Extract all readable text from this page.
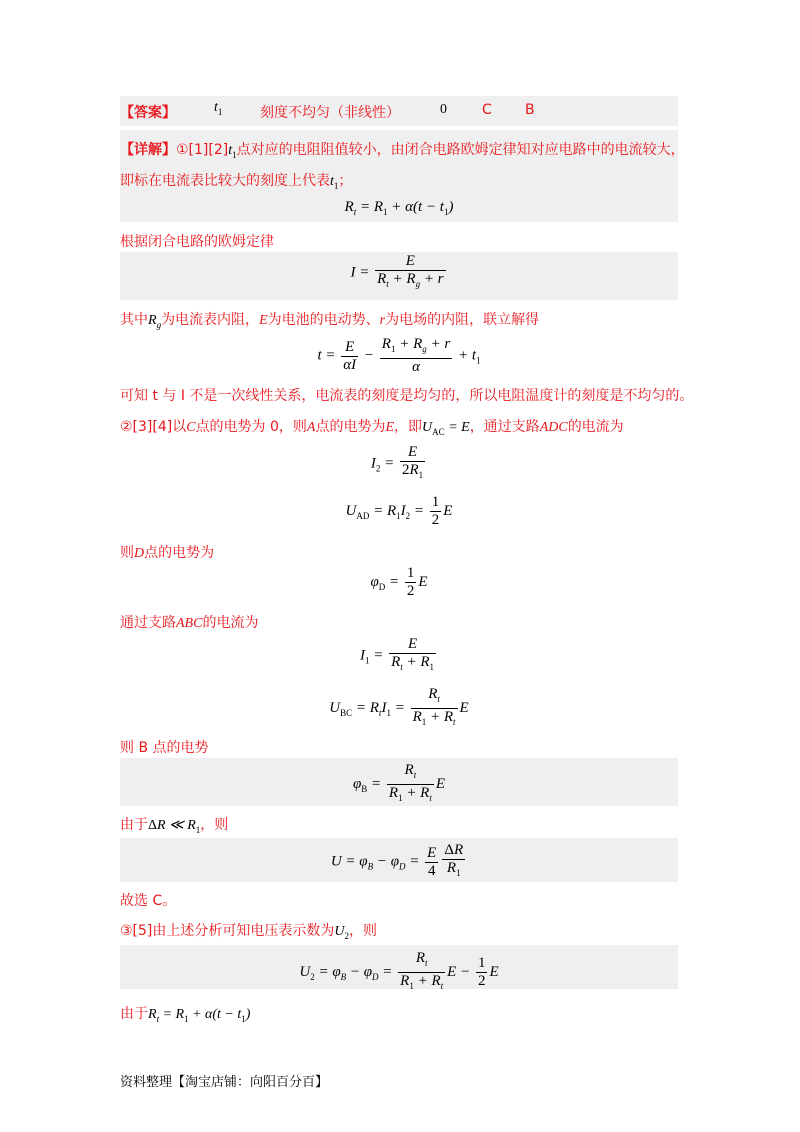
【答案】	$t_1$	刻度不均匀（非线性）	0	C B
【详解】$①[1][2]t_1$点对应的电阻阻值较小，由闭合电路欧姆定律知对应电路中的电流较大，
即标在电流表比较大的刻度上代表$t_1$；
$R_t = R_1 + \alpha(t - t_1)$
根据闭合电路的欧姆定律
$I = \frac{E}{R_t + R_g + r}$
其中$R_g$为电流表内阻，E为电池的电动势、r为电场的内阻，联立解得
$t = \frac{E}{\alpha I} - \frac{R_1 + R_g + r}{\alpha} + t_1$
可知 t 与 I 不是一次线性关系，电流表的刻度是均匀的，所以电阻温度计的刻度是不均匀的。
②[3][4]以C点的电势为 0，则A点的电势为E，即$U_{AC} = E$，通过支路ADC的电流为
$I_2 = \frac{E}{2R_1}$
$U_{AD} = R_1I_2 = \frac{1}{2}$ E
则D点的电势为
$\varphi_D = \frac{1}{2}$ E
通过支路ABC的电流为
$I_1 = \frac{E}{R_t + R_1}$
$U_{BC} = R_tI_1 = \frac{R_t}{R_1 + R_t}$ E
则 B 点的电势
$\varphi_B = \frac{R_t}{R_1 + R_t}$ E
由于ΔR ≪ $R_1$，则
$U = \varphi_B - \varphi_D = \frac{E}{4} \frac{\Delta R}{R_1}$
故选 C。
③[5]由上述分析可知电压表示数为$U_2$，则
$U_2 = \varphi_B - \varphi_D = \frac{R_t}{R_1 + R_t}$ $E - \frac{1}{2}$ E
由于$R_t = R_1 + \alpha(t - t_1)$
资料整理【淘宝店铺：向阳百分百】
